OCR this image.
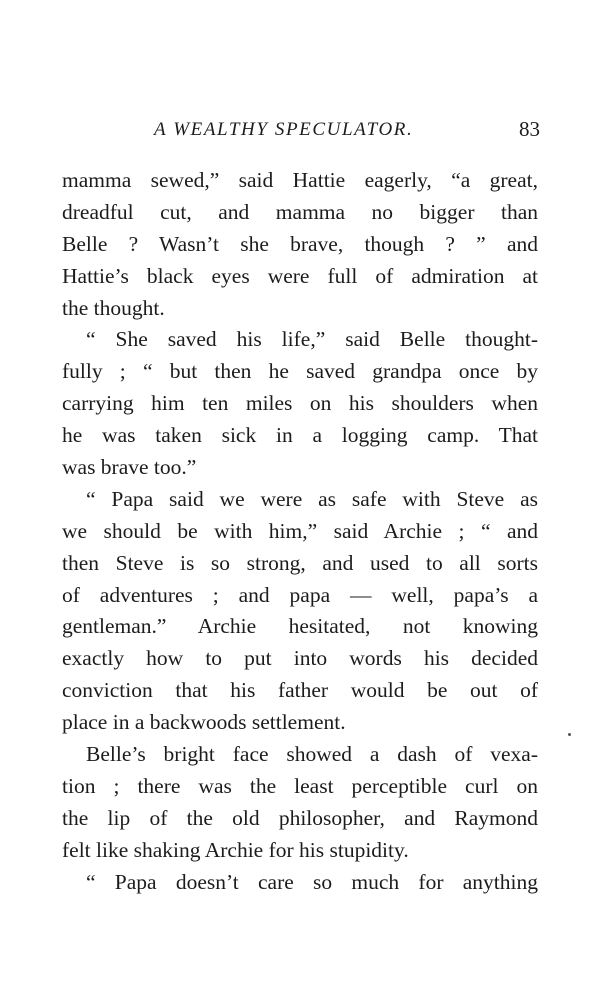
A WEALTHY SPECULATOR.	83
mamma sewed,” said Hattie eagerly, “a great,
dreadful cut, and mamma no bigger than
Belle ? Wasn’t she brave, though ? ” and
Hattie’s black eyes were full of admiration at
the thought.
“ She saved his life,” said Belle thought-
fully ; “ but then he saved grandpa once by
carrying him ten miles on his shoulders when
he was taken sick in a logging camp. That
was brave too.”
“ Papa said we were as safe with Steve as
we should be with him,” said Archie ; “ and
then Steve is so strong, and used to all sorts
of adventures ; and papa — well, papa’s a
gentleman.” Archie hesitated, not knowing
exactly how to put into words his decided
conviction that his father would be out of
place in a backwoods settlement.
Belle’s bright face showed a dash of vexa-
tion ; there was the least perceptible curl on
the lip of the old philosopher, and Raymond
felt like shaking Archie for his stupidity.
“ Papa doesn’t care so much for anything
